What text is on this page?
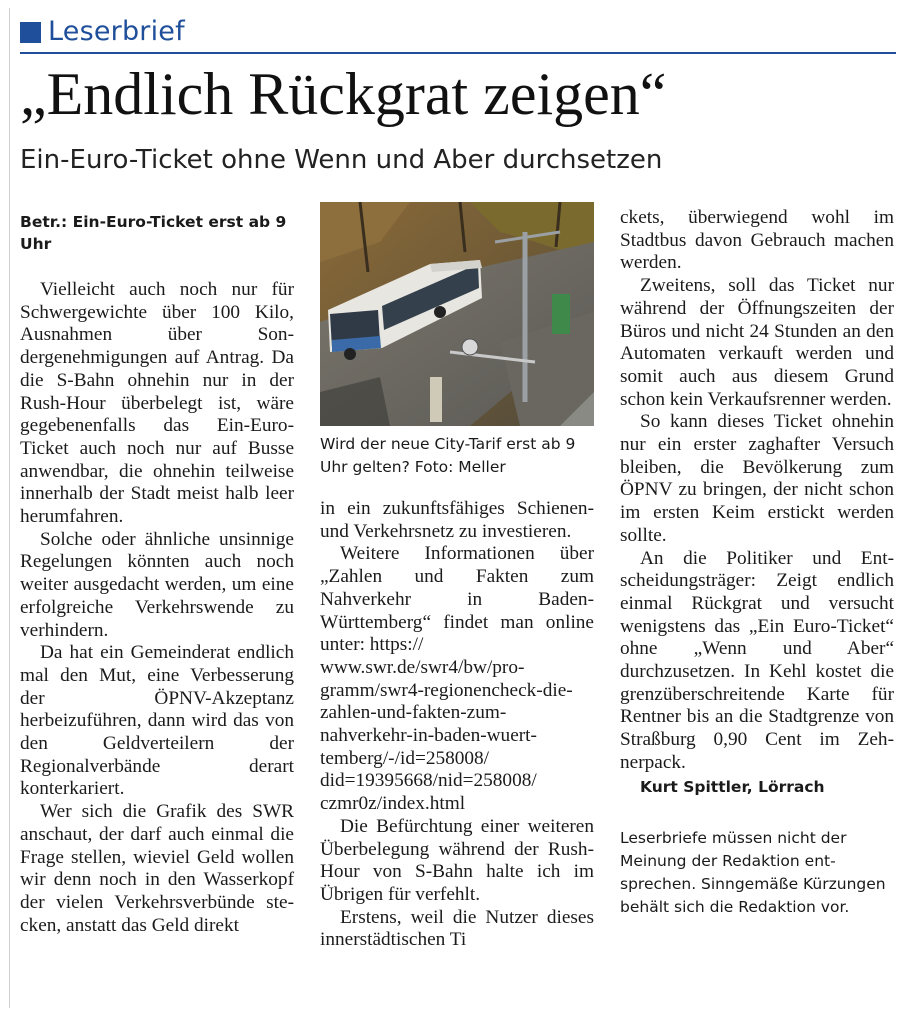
Leserbrief
„Endlich Rückgrat zeigen“
Ein-Euro-Ticket ohne Wenn und Aber durchsetzen
Betr.: Ein-Euro-Ticket erst ab 9 Uhr

Vielleicht auch noch nur für Schwergewichte über 100 Kilo, Ausnahmen über Sondergenehmigungen auf Antrag. Da die S-Bahn ohnehin nur in der Rush-Hour überbelegt ist, wäre gegebenenfalls das Ein-Euro-Ticket auch noch nur auf Busse anwendbar, die ohnehin teilweise innerhalb der Stadt meist halb leer herumfahren.

Solche oder ähnliche unsinnige Regelungen könnten auch noch weiter ausgedacht werden, um eine erfolgreiche Verkehrswende zu verhindern.

Da hat ein Gemeinderat endlich mal den Mut, eine Verbesserung der ÖPNV-Akzeptanz herbeizuführen, dann wird das von den Geldverteilern der Regionalverbände derart konterkariert.

Wer sich die Grafik des SWR anschaut, der darf auch einmal die Frage stellen, wieviel Geld wollen wir denn noch in den Wasserkopf der vielen Verkehrsverbünde stecken, anstatt das Geld direkt

Wird der neue City-Tarif erst ab 9 Uhr gelten? Foto: Meller

in ein zukunftsfähiges Schienen- und Verkehrsnetz zu investieren.

Weitere Informationen über „Zahlen und Fakten zum Nahverkehr in Baden-Württemberg“ findet man online unter: https://

www.swr.de/swr4/bw/programm/swr4-regionencheck-die-zahlen-und-fakten-zum-nahverkehr-in-baden-wuerttemberg/-/id=258008/ did=19395668/nid=258008/ czmr0z/index.html

Die Befürchtung einer weiteren Überbelegung während der Rush-Hour von S-Bahn halte ich im Übrigen für verfehlt.

Erstens, weil die Nutzer dieses innerstädtischen Ti

ckets, überwiegend wohl im Stadtbus davon Gebrauch machen werden.

Zweitens, soll das Ticket nur während der Öffnungszeiten der Büros und nicht 24 Stunden an den Automaten verkauft werden und somit auch aus diesem Grund schon kein Verkaufsrenner werden.

So kann dieses Ticket ohnehin nur ein erster zaghafter Versuch bleiben, die Bevölkerung zum ÖPNV zu bringen, der nicht schon im ersten Keim erstickt werden sollte.

An die Politiker und Entscheidungsträger: Zeigt endlich einmal Rückgrat und versucht wenigstens das „Ein Euro-Ticket“ ohne „Wenn und Aber“ durchzusetzen. In Kehl kostet die grenzüberschreitende Karte für Rentner bis an die Stadtgrenze von Straßburg 0,90 Cent im Zehnerpack.

Kurt Spittler, Lörrach
Leserbriefe müssen nicht der Meinung der Redaktion entsprechen. Sinngemäße Kürzungen behält sich die Redaktion vor.
